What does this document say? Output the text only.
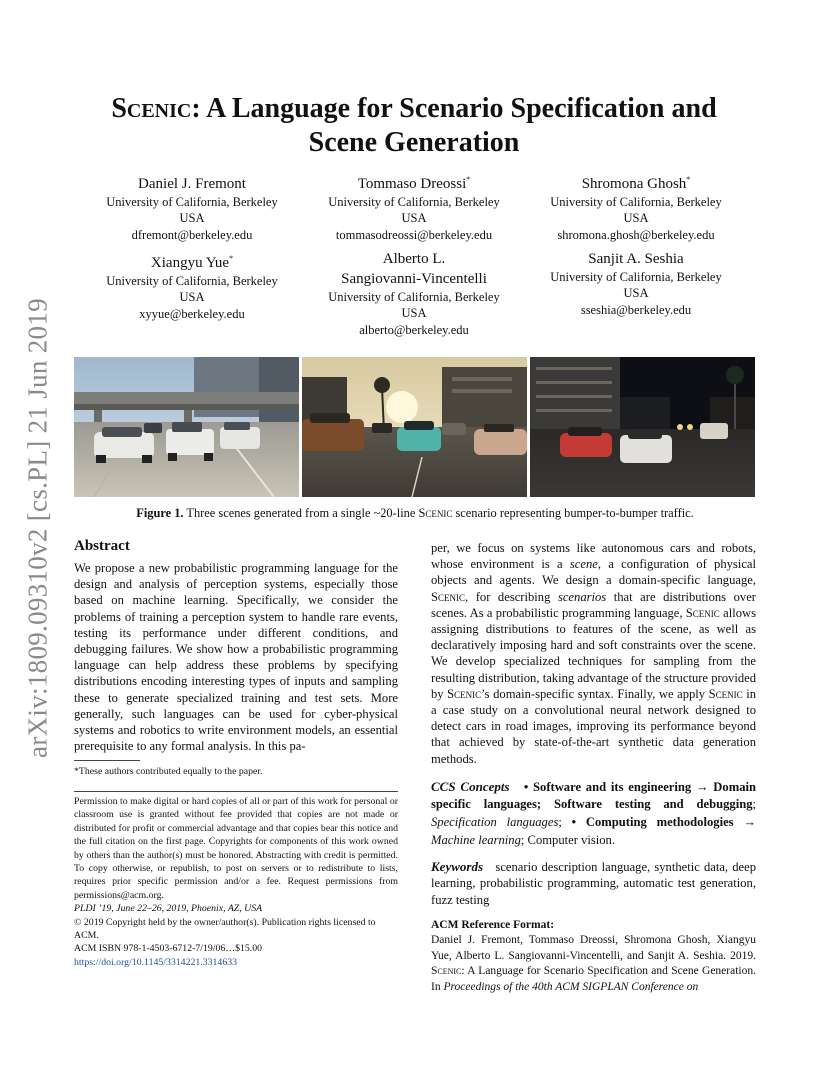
arXiv:1809.09310v2 [cs.PL] 21 Jun 2019
Scenic: A Language for Scenario Specification and
Scene Generation
Daniel J. Fremont
University of California, Berkeley
USA
dfremont@berkeley.edu
Tommaso Dreossi*
University of California, Berkeley
USA
tommasodreossi@berkeley.edu
Shromona Ghosh*
University of California, Berkeley
USA
shromona.ghosh@berkeley.edu
Xiangyu Yue*
University of California, Berkeley
USA
xyyue@berkeley.edu
Alberto L.
Sangiovanni-Vincentelli
University of California, Berkeley
USA
alberto@berkeley.edu
Sanjit A. Seshia
University of California, Berkeley
USA
sseshia@berkeley.edu
Figure 1. Three scenes generated from a single ~20-line Scenic scenario representing bumper-to-bumper traffic.
Abstract

We propose a new probabilistic programming language for the design and analysis of perception systems, especially those based on machine learning. Specifically, we consider the problems of training a perception system to handle rare events, testing its performance under different conditions, and debugging failures. We show how a probabilistic programming language can help address these problems by specifying distributions encoding interesting types of inputs and sampling these to generate specialized training and test sets. More generally, such languages can be used for cyber-physical systems and robotics to write environment models, an essential prerequisite to any formal analysis. In this pa-

*These authors contributed equally to the paper.

Permission to make digital or hard copies of all or part of this work for personal or classroom use is granted without fee provided that copies are not made or distributed for profit or commercial advantage and that copies bear this notice and the full citation on the first page. Copyrights for components of this work owned by others than the author(s) must be honored. Abstracting with credit is permitted. To copy otherwise, or republish, to post on servers or to redistribute to lists, requires prior specific permission and/or a fee. Request permissions from permissions@acm.org.

PLDI ’19, June 22–26, 2019, Phoenix, AZ, USA

© 2019 Copyright held by the owner/author(s). Publication rights licensed to ACM.

ACM ISBN 978-1-4503-6712-7/19/06…$15.00

https://doi.org/10.1145/3314221.3314633

per, we focus on systems like autonomous cars and robots, whose environment is a scene, a configuration of physical objects and agents. We design a domain-specific language, Scenic, for describing scenarios that are distributions over scenes. As a probabilistic programming language, Scenic allows assigning distributions to features of the scene, as well as declaratively imposing hard and soft constraints over the scene. We develop specialized techniques for sampling from the resulting distribution, taking advantage of the structure provided by Scenic’s domain-specific syntax. Finally, we apply Scenic in a case study on a convolutional neural network designed to detect cars in road images, improving its performance beyond that achieved by state-of-the-art synthetic data generation methods.

CCS Concepts • Software and its engineering → Domain specific languages; Software testing and debugging; Specification languages; • Computing methodologies → Machine learning; Computer vision.

Keywords scenario description language, synthetic data, deep learning, probabilistic programming, automatic test generation, fuzz testing

ACM Reference Format:

Daniel J. Fremont, Tommaso Dreossi, Shromona Ghosh, Xiangyu Yue, Alberto L. Sangiovanni-Vincentelli, and Sanjit A. Seshia. 2019. Scenic: A Language for Scenario Specification and Scene Generation. In Proceedings of the 40th ACM SIGPLAN Conference on
